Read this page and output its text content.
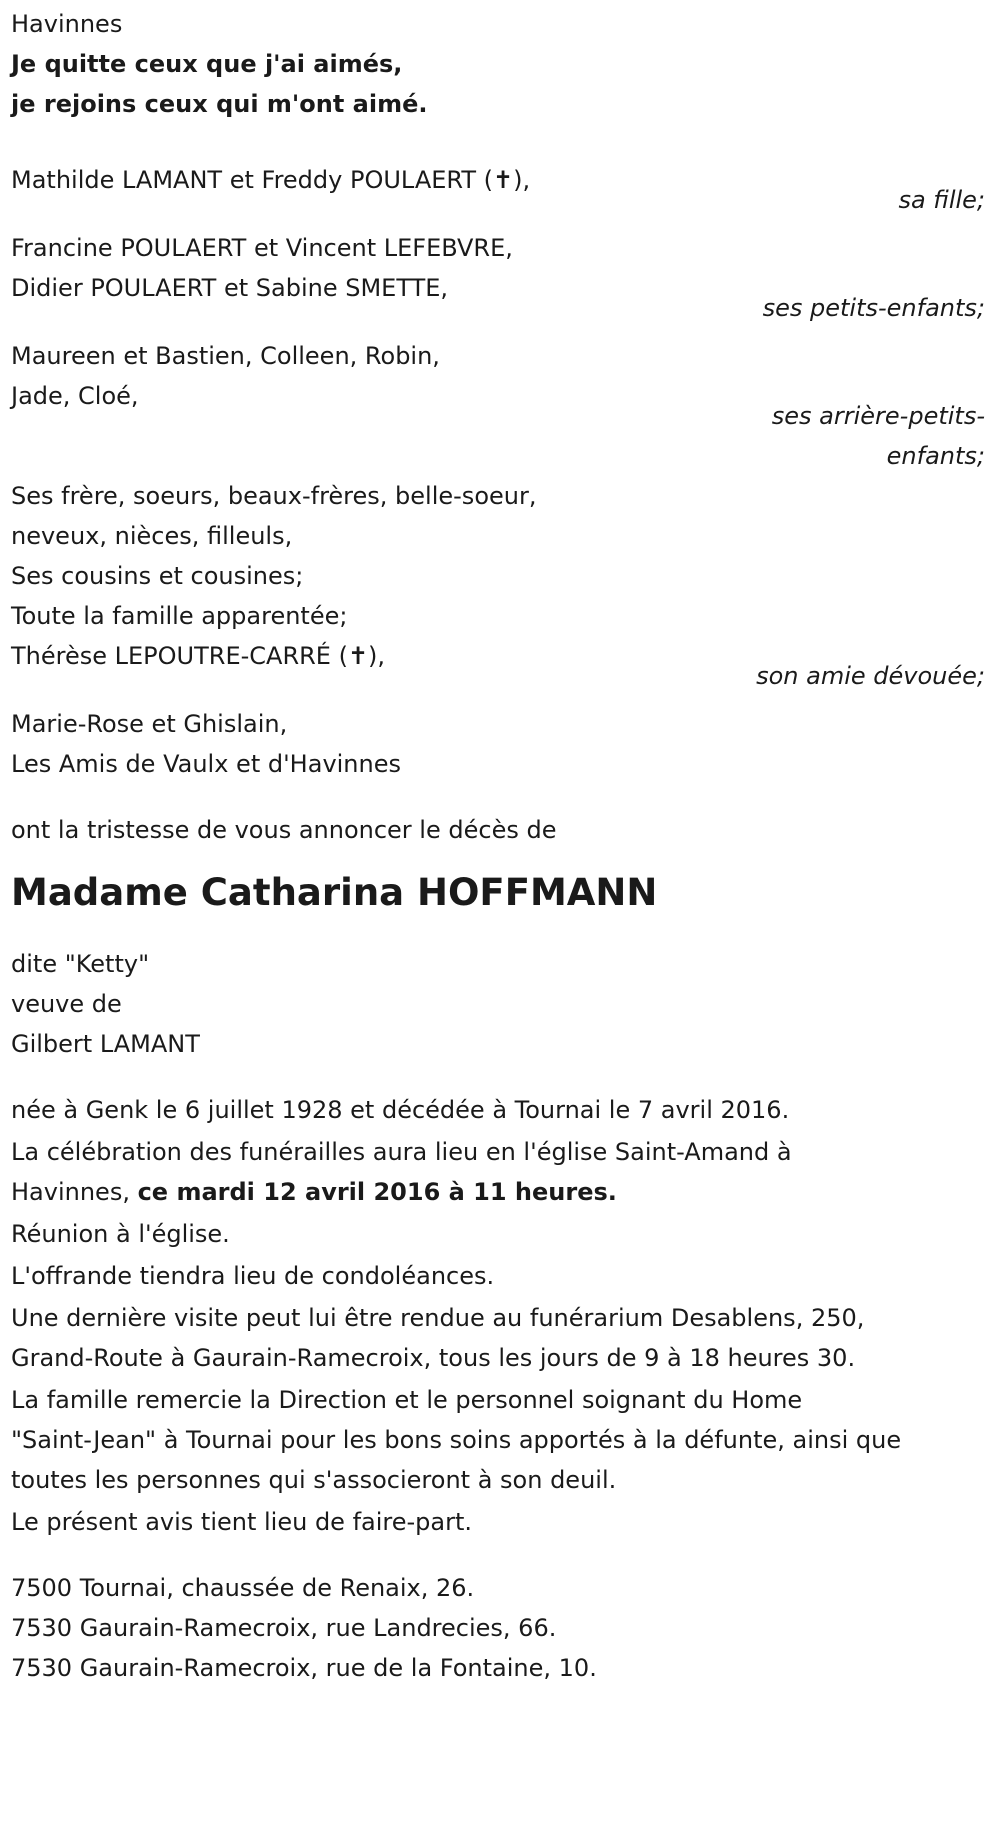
Havinnes
Je quitte ceux que j'ai aimés,
je rejoins ceux qui m'ont aimé.
Mathilde LAMANT et Freddy POULAERT (✝),
sa fille;
Francine POULAERT et Vincent LEFEBVRE,
Didier POULAERT et Sabine SMETTE,
ses petits-enfants;
Maureen et Bastien, Colleen, Robin,
Jade, Cloé,
ses arrière-petits-
enfants;
Ses frère, soeurs, beaux-frères, belle-soeur,
neveux, nièces, filleuls,
Ses cousins et cousines;
Toute la famille apparentée;
Thérèse LEPOUTRE-CARRÉ (✝),
son amie dévouée;
Marie-Rose et Ghislain,
Les Amis de Vaulx et d'Havinnes
ont la tristesse de vous annoncer le décès de
Madame Catharina HOFFMANN
dite "Ketty"
veuve de
Gilbert LAMANT
née à Genk le 6 juillet 1928 et décédée à Tournai le 7 avril 2016.
La célébration des funérailles aura lieu en l'église Saint-Amand à
Havinnes, ce mardi 12 avril 2016 à 11 heures.
Réunion à l'église.
L'offrande tiendra lieu de condoléances.
Une dernière visite peut lui être rendue au funérarium Desablens, 250,
Grand-Route à Gaurain-Ramecroix, tous les jours de 9 à 18 heures 30.
La famille remercie la Direction et le personnel soignant du Home
"Saint-Jean" à Tournai pour les bons soins apportés à la défunte, ainsi que
toutes les personnes qui s'associeront à son deuil.
Le présent avis tient lieu de faire-part.
7500 Tournai, chaussée de Renaix, 26.
7530 Gaurain-Ramecroix, rue Landrecies, 66.
7530 Gaurain-Ramecroix, rue de la Fontaine, 10.
